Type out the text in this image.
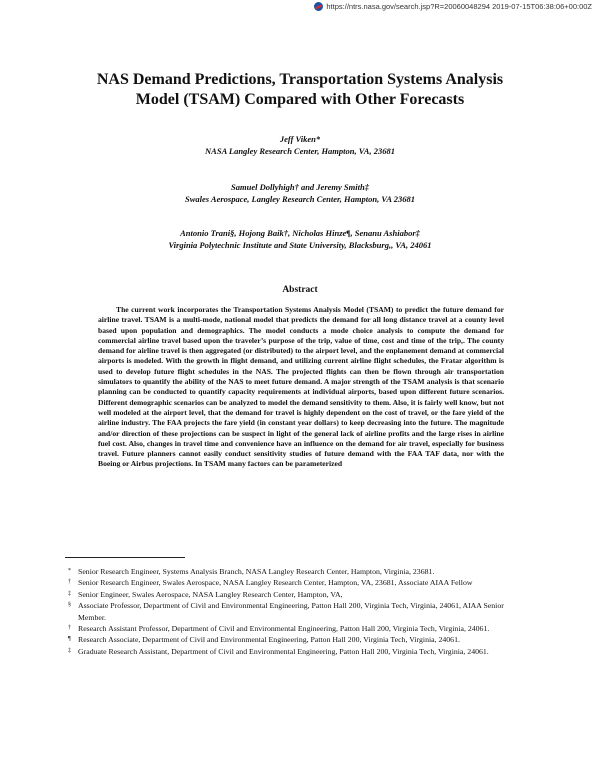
https://ntrs.nasa.gov/search.jsp?R=20060048294 2019-07-15T06:38:06+00:00Z
NAS Demand Predictions, Transportation Systems Analysis
Model (TSAM) Compared with Other Forecasts
Jeff Viken*
NASA Langley Research Center, Hampton, VA, 23681
Samuel Dollyhigh† and Jeremy Smith‡
Swales Aerospace, Langley Research Center, Hampton, VA 23681
Antonio Trani§, Hojong Baik†, Nicholas Hinze¶, Senanu Ashiabor‡
Virginia Polytechnic Institute and State University, Blacksburg,, VA, 24061
Abstract
The current work incorporates the Transportation Systems Analysis Model (TSAM) to predict the future demand for airline travel. TSAM is a multi-mode, national model that predicts the demand for all long distance travel at a county level based upon population and demographics. The model conducts a mode choice analysis to compute the demand for commercial airline travel based upon the traveler’s purpose of the trip, value of time, cost and time of the trip,. The county demand for airline travel is then aggregated (or distributed) to the airport level, and the enplanement demand at commercial airports is modeled. With the growth in flight demand, and utilizing current airline flight schedules, the Fratar algorithm is used to develop future flight schedules in the NAS. The projected flights can then be flown through air transportation simulators to quantify the ability of the NAS to meet future demand. A major strength of the TSAM analysis is that scenario planning can be conducted to quantify capacity requirements at individual airports, based upon different future scenarios. Different demographic scenarios can be analyzed to model the demand sensitivity to them. Also, it is fairly well know, but not well modeled at the airport level, that the demand for travel is highly dependent on the cost of travel, or the fare yield of the airline industry. The FAA projects the fare yield (in constant year dollars) to keep decreasing into the future. The magnitude and/or direction of these projections can be suspect in light of the general lack of airline profits and the large rises in airline fuel cost. Also, changes in travel time and convenience have an influence on the demand for air travel, especially for business travel. Future planners cannot easily conduct sensitivity studies of future demand with the FAA TAF data, nor with the Boeing or Airbus projections. In TSAM many factors can be parameterized
* Senior Research Engineer, Systems Analysis Branch, NASA Langley Research Center, Hampton, Virginia, 23681.
† Senior Research Engineer, Swales Aerospace, NASA Langley Research Center, Hampton, VA, 23681, Associate AIAA Fellow
‡ Senior Engineer, Swales Aerospace, NASA Langley Research Center, Hampton, VA,
§ Associate Professor, Department of Civil and Environmental Engineering, Patton Hall 200, Virginia Tech, Virginia, 24061, AIAA Senior Member.
† Research Assistant Professor, Department of Civil and Environmental Engineering, Patton Hall 200, Virginia Tech, Virginia, 24061.
¶ Research Associate, Department of Civil and Environmental Engineering, Patton Hall 200, Virginia Tech, Virginia, 24061.
‡ Graduate Research Assistant, Department of Civil and Environmental Engineering, Patton Hall 200, Virginia Tech, Virginia, 24061.
